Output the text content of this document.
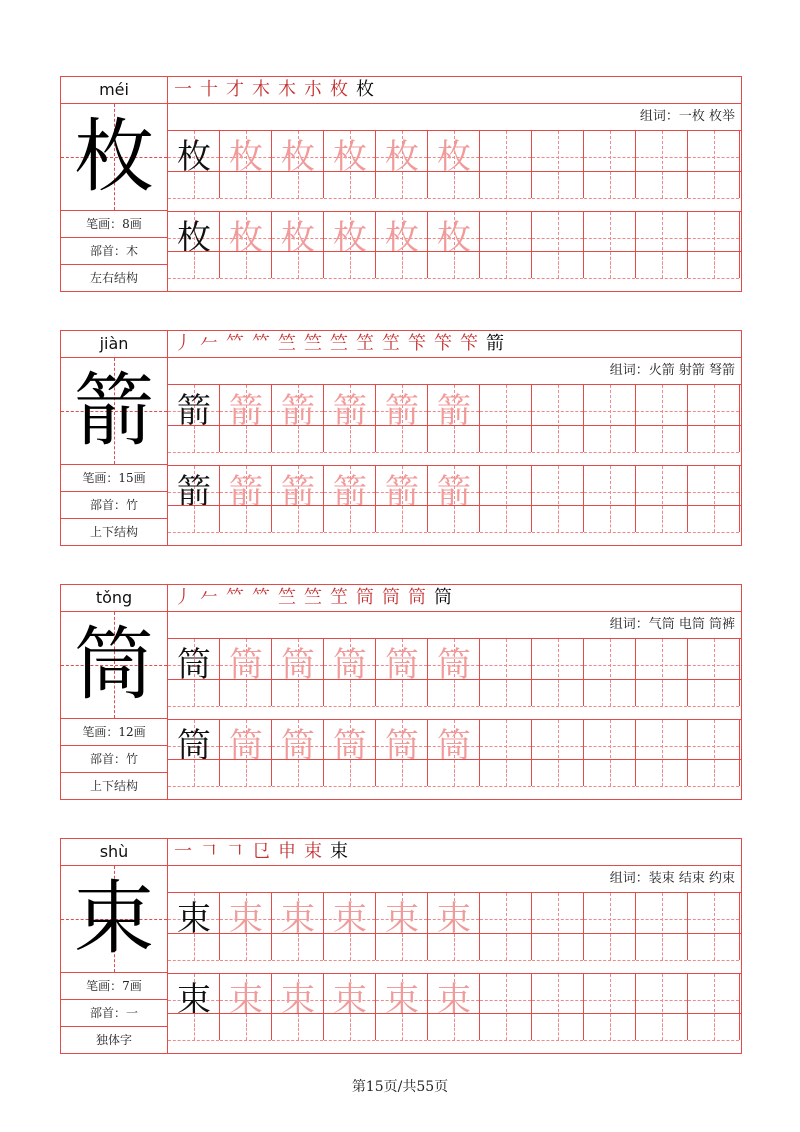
méi
枚
笔画：8画
部首：木
左右结构
一 十 才 木 木 朩 枚 枚
组词：一枚 枚举
枚 枚 枚 枚 枚 枚
枚 枚 枚 枚 枚 枚
jiàn
箭
笔画：15画
部首：竹
上下结构
丿 𠂉 𥫗 𥫗 竺 竺 竺 笁 笁 笇 笇 笇 箭
组词：火箭 射箭 弩箭
箭 箭 箭 箭 箭 箭
箭 箭 箭 箭 箭 箭
tǒng
筒
笔画：12画
部首：竹
上下结构
丿 𠂉 𥫗 𥫗 竺 竺 笁 筒 筒 筒 筒
组词：气筒 电筒 筒裤
筒 筒 筒 筒 筒 筒
筒 筒 筒 筒 筒 筒
shù
束
笔画：7画
部首：一
独体字
一 𠃍 𠃍 㔾 申 束 束
组词：装束 结束 约束
束 束 束 束 束 束
束 束 束 束 束 束
第15页/共55页
